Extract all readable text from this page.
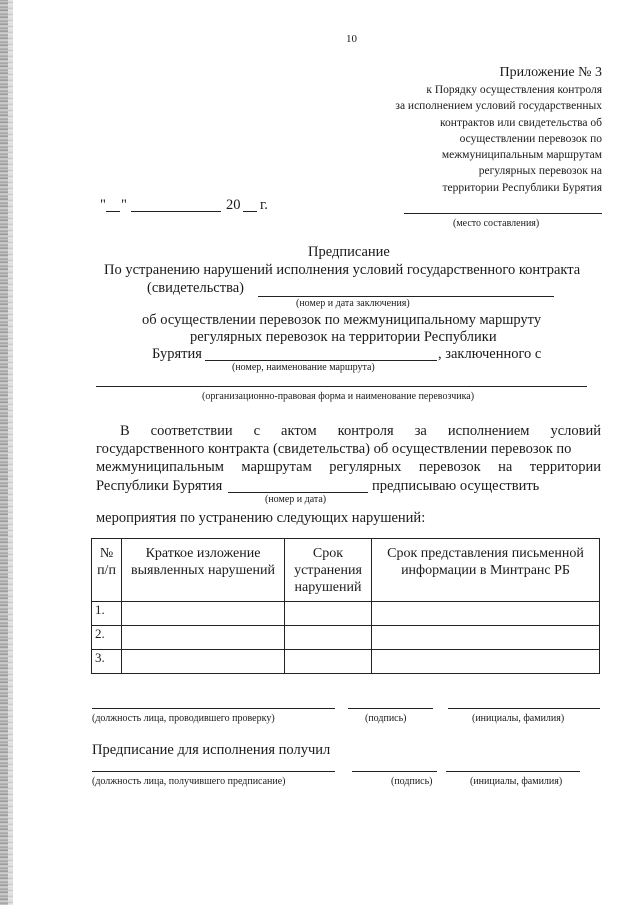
10
Приложение № 3
к Порядку осуществления контроля
за исполнением условий государственных
контрактов или свидетельства об
осуществлении перевозок по
межмуниципальным маршрутам
регулярных перевозок на
территории Республики Бурятия
" "	20 г.
(место составления)
Предписание
По устранению нарушений исполнения условий государственного контракта
(свидетельства)
(номер и дата заключения)
об осуществлении перевозок по межмуниципальному маршруту
регулярных перевозок на территории Республики
Бурятия	, заключенного с
(номер, наименование маршрута)
(организационно-правовая форма и наименование перевозчика)
В соответствии с актом контроля за исполнением условий
государственного контракта (свидетельства) об осуществлении перевозок по
межмуниципальным маршрутам регулярных перевозок на территории
Республики Бурятия	предписываю осуществить
(номер и дата)
мероприятия по устранению следующих нарушений:
№ п/п	Краткое изложение выявленных нарушений	Срок устранения нарушений	Срок представления письменной информации в Минтранс РБ
1.			
2.			
3.			
(должность лица, проводившего проверку)	(подпись)	(инициалы, фамилия)
Предписание для исполнения получил
(должность лица, получившего предписание)	(подпись)	(инициалы, фамилия)
